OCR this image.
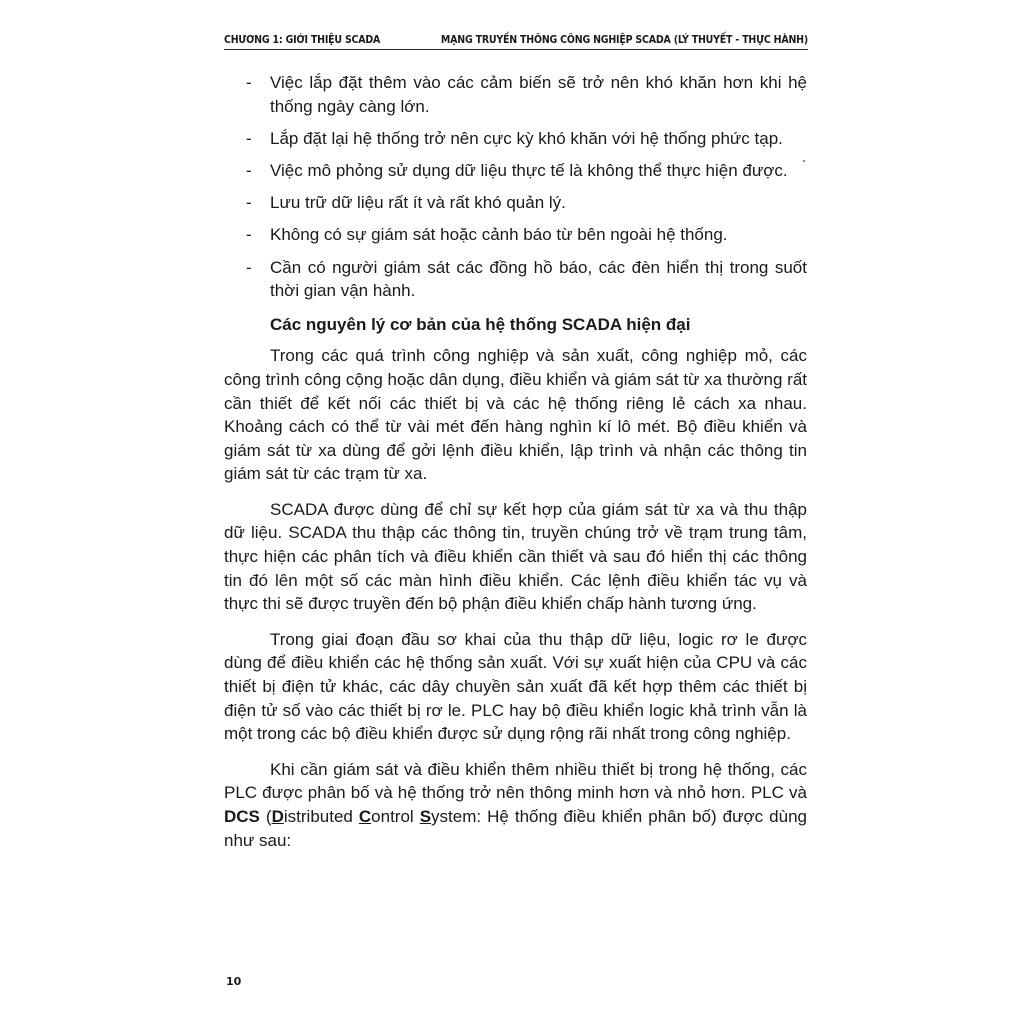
CHƯƠNG 1: GIỚI THIỆU SCADA	MẠNG TRUYỀN THÔNG CÔNG NGHIỆP SCADA (LÝ THUYẾT - THỰC HÀNH)
- Việc lắp đặt thêm vào các cảm biến sẽ trở nên khó khăn hơn khi hệ thống ngày càng lớn.
- Lắp đặt lại hệ thống trở nên cực kỳ khó khăn với hệ thống phức tạp.
- Việc mô phỏng sử dụng dữ liệu thực tế là không thể thực hiện được.
- Lưu trữ dữ liệu rất ít và rất khó quản lý.
- Không có sự giám sát hoặc cảnh báo từ bên ngoài hệ thống.
- Cần có người giám sát các đồng hồ báo, các đèn hiển thị trong suốt thời gian vận hành.
Các nguyên lý cơ bản của hệ thống SCADA hiện đại
Trong các quá trình công nghiệp và sản xuất, công nghiệp mỏ, các công trình công cộng hoặc dân dụng, điều khiển và giám sát từ xa thường rất cần thiết để kết nối các thiết bị và các hệ thống riêng lẻ cách xa nhau. Khoảng cách có thể từ vài mét đến hàng nghìn kí lô mét. Bộ điều khiển và giám sát từ xa dùng để gởi lệnh điều khiển, lập trình và nhận các thông tin giám sát từ các trạm từ xa.
SCADA được dùng để chỉ sự kết hợp của giám sát từ xa và thu thập dữ liệu. SCADA thu thập các thông tin, truyền chúng trở về trạm trung tâm, thực hiện các phân tích và điều khiển cần thiết và sau đó hiển thị các thông tin đó lên một số các màn hình điều khiển. Các lệnh điều khiển tác vụ và thực thi sẽ được truyền đến bộ phận điều khiển chấp hành tương ứng.
Trong giai đoạn đầu sơ khai của thu thập dữ liệu, logic rơ le được dùng để điều khiển các hệ thống sản xuất. Với sự xuất hiện của CPU và các thiết bị điện tử khác, các dây chuyền sản xuất đã kết hợp thêm các thiết bị điện tử số vào các thiết bị rơ le. PLC hay bộ điều khiển logic khả trình vẫn là một trong các bộ điều khiển được sử dụng rộng rãi nhất trong công nghiệp.
Khi cần giám sát và điều khiển thêm nhiều thiết bị trong hệ thống, các PLC được phân bố và hệ thống trở nên thông minh hơn và nhỏ hơn. PLC và DCS (Distributed Control System: Hệ thống điều khiển phân bố) được dùng như sau:
10
